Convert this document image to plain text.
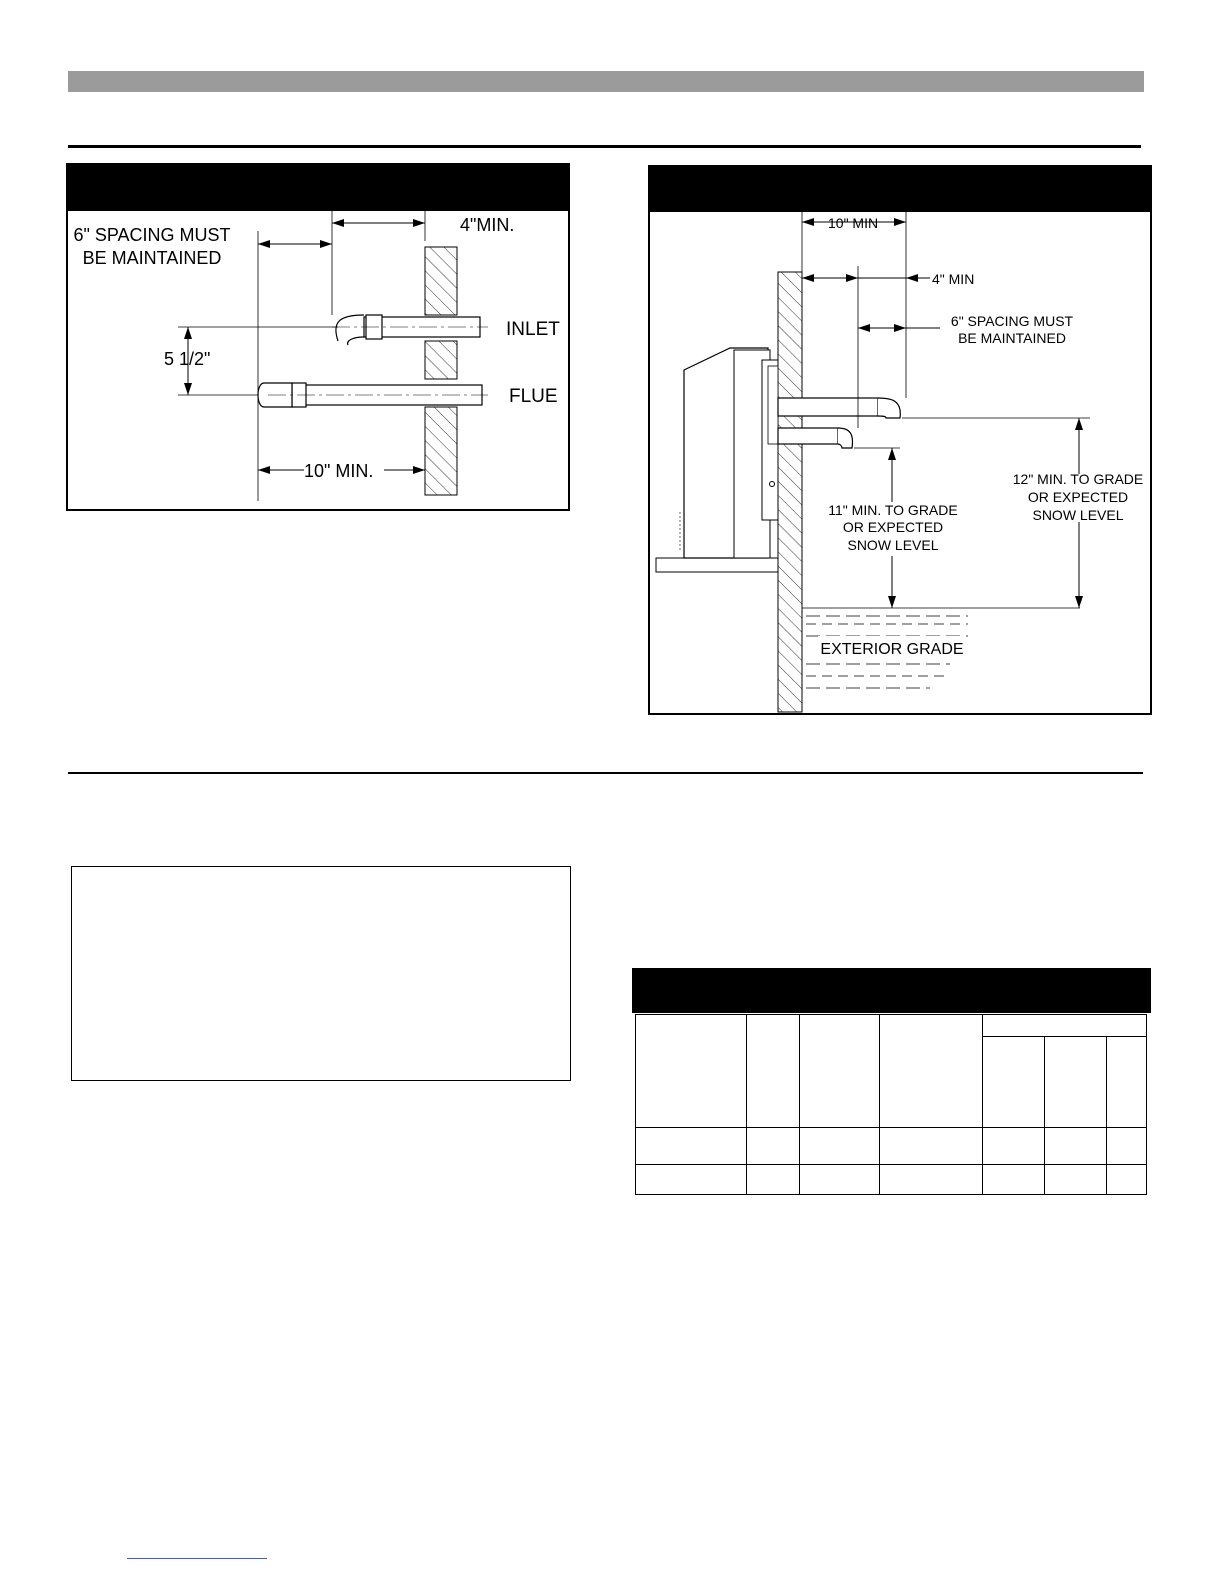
6" SPACING MUST
BE MAINTAINED
4"MIN.
INLET
FLUE
5 1/2"
10" MIN.
10" MIN
4" MIN
6" SPACING MUST
BE MAINTAINED
12" MIN. TO GRADE
OR EXPECTED
SNOW LEVEL
11" MIN. TO GRADE
OR EXPECTED
SNOW LEVEL
EXTERIOR GRADE
